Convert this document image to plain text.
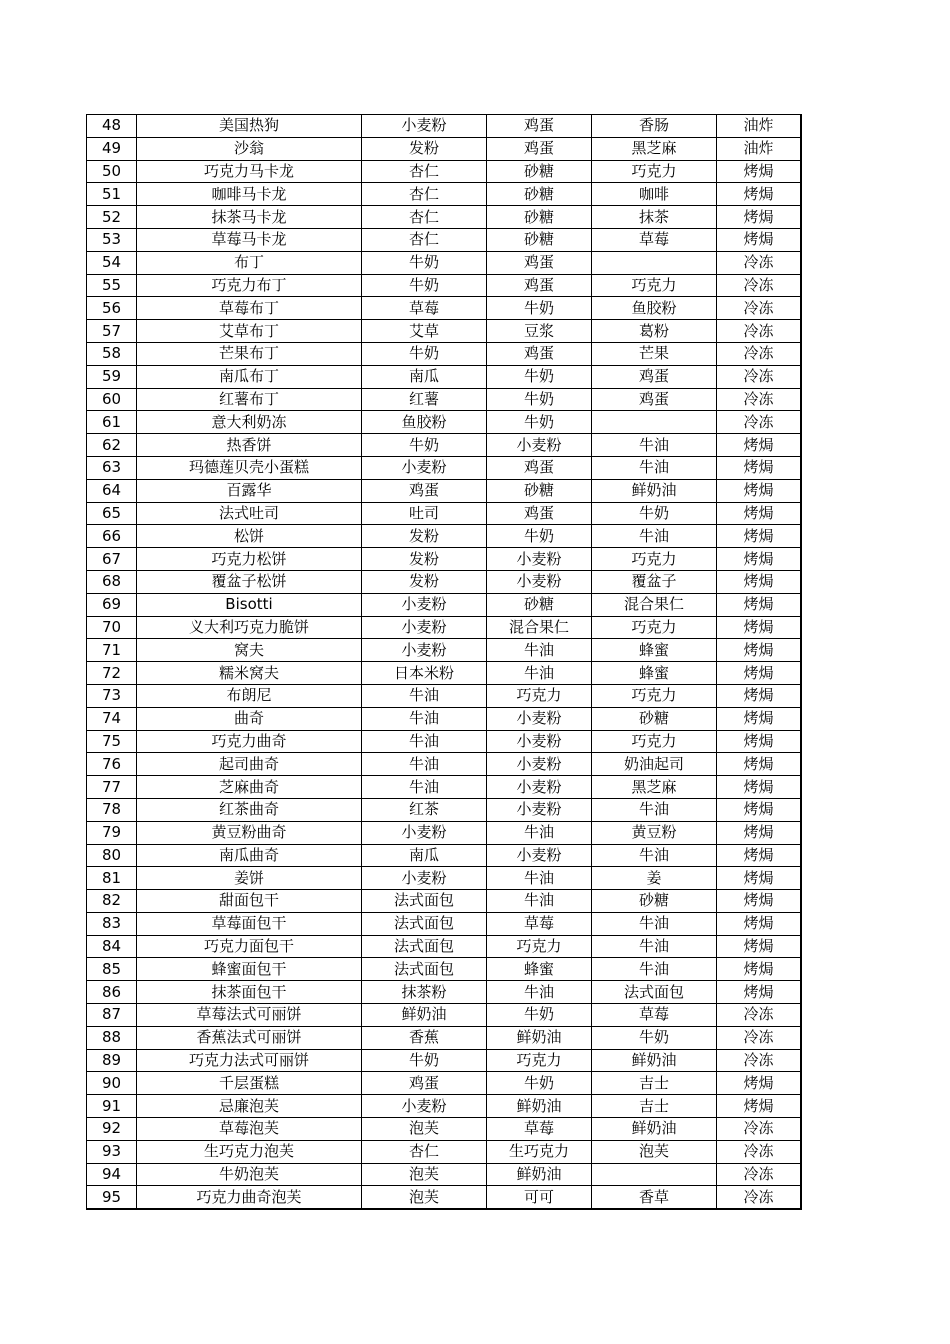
48	美国热狗	小麦粉	鸡蛋	香肠	油炸
49	沙翁	发粉	鸡蛋	黑芝麻	油炸
50	巧克力马卡龙	杏仁	砂糖	巧克力	烤焗
51	咖啡马卡龙	杏仁	砂糖	咖啡	烤焗
52	抹茶马卡龙	杏仁	砂糖	抹茶	烤焗
53	草莓马卡龙	杏仁	砂糖	草莓	烤焗
54	布丁	牛奶	鸡蛋		冷冻
55	巧克力布丁	牛奶	鸡蛋	巧克力	冷冻
56	草莓布丁	草莓	牛奶	鱼胶粉	冷冻
57	艾草布丁	艾草	豆浆	葛粉	冷冻
58	芒果布丁	牛奶	鸡蛋	芒果	冷冻
59	南瓜布丁	南瓜	牛奶	鸡蛋	冷冻
60	红薯布丁	红薯	牛奶	鸡蛋	冷冻
61	意大利奶冻	鱼胶粉	牛奶		冷冻
62	热香饼	牛奶	小麦粉	牛油	烤焗
63	玛德莲贝壳小蛋糕	小麦粉	鸡蛋	牛油	烤焗
64	百露华	鸡蛋	砂糖	鲜奶油	烤焗
65	法式吐司	吐司	鸡蛋	牛奶	烤焗
66	松饼	发粉	牛奶	牛油	烤焗
67	巧克力松饼	发粉	小麦粉	巧克力	烤焗
68	覆盆子松饼	发粉	小麦粉	覆盆子	烤焗
69	Bisotti	小麦粉	砂糖	混合果仁	烤焗
70	义大利巧克力脆饼	小麦粉	混合果仁	巧克力	烤焗
71	窝夫	小麦粉	牛油	蜂蜜	烤焗
72	糯米窝夫	日本米粉	牛油	蜂蜜	烤焗
73	布朗尼	牛油	巧克力	巧克力	烤焗
74	曲奇	牛油	小麦粉	砂糖	烤焗
75	巧克力曲奇	牛油	小麦粉	巧克力	烤焗
76	起司曲奇	牛油	小麦粉	奶油起司	烤焗
77	芝麻曲奇	牛油	小麦粉	黑芝麻	烤焗
78	红茶曲奇	红茶	小麦粉	牛油	烤焗
79	黄豆粉曲奇	小麦粉	牛油	黄豆粉	烤焗
80	南瓜曲奇	南瓜	小麦粉	牛油	烤焗
81	姜饼	小麦粉	牛油	姜	烤焗
82	甜面包干	法式面包	牛油	砂糖	烤焗
83	草莓面包干	法式面包	草莓	牛油	烤焗
84	巧克力面包干	法式面包	巧克力	牛油	烤焗
85	蜂蜜面包干	法式面包	蜂蜜	牛油	烤焗
86	抹茶面包干	抹茶粉	牛油	法式面包	烤焗
87	草莓法式可丽饼	鲜奶油	牛奶	草莓	冷冻
88	香蕉法式可丽饼	香蕉	鲜奶油	牛奶	冷冻
89	巧克力法式可丽饼	牛奶	巧克力	鲜奶油	冷冻
90	千层蛋糕	鸡蛋	牛奶	吉士	烤焗
91	忌廉泡芙	小麦粉	鲜奶油	吉士	烤焗
92	草莓泡芙	泡芙	草莓	鲜奶油	冷冻
93	生巧克力泡芙	杏仁	生巧克力	泡芙	冷冻
94	牛奶泡芙	泡芙	鲜奶油		冷冻
95	巧克力曲奇泡芙	泡芙	可可	香草	冷冻
